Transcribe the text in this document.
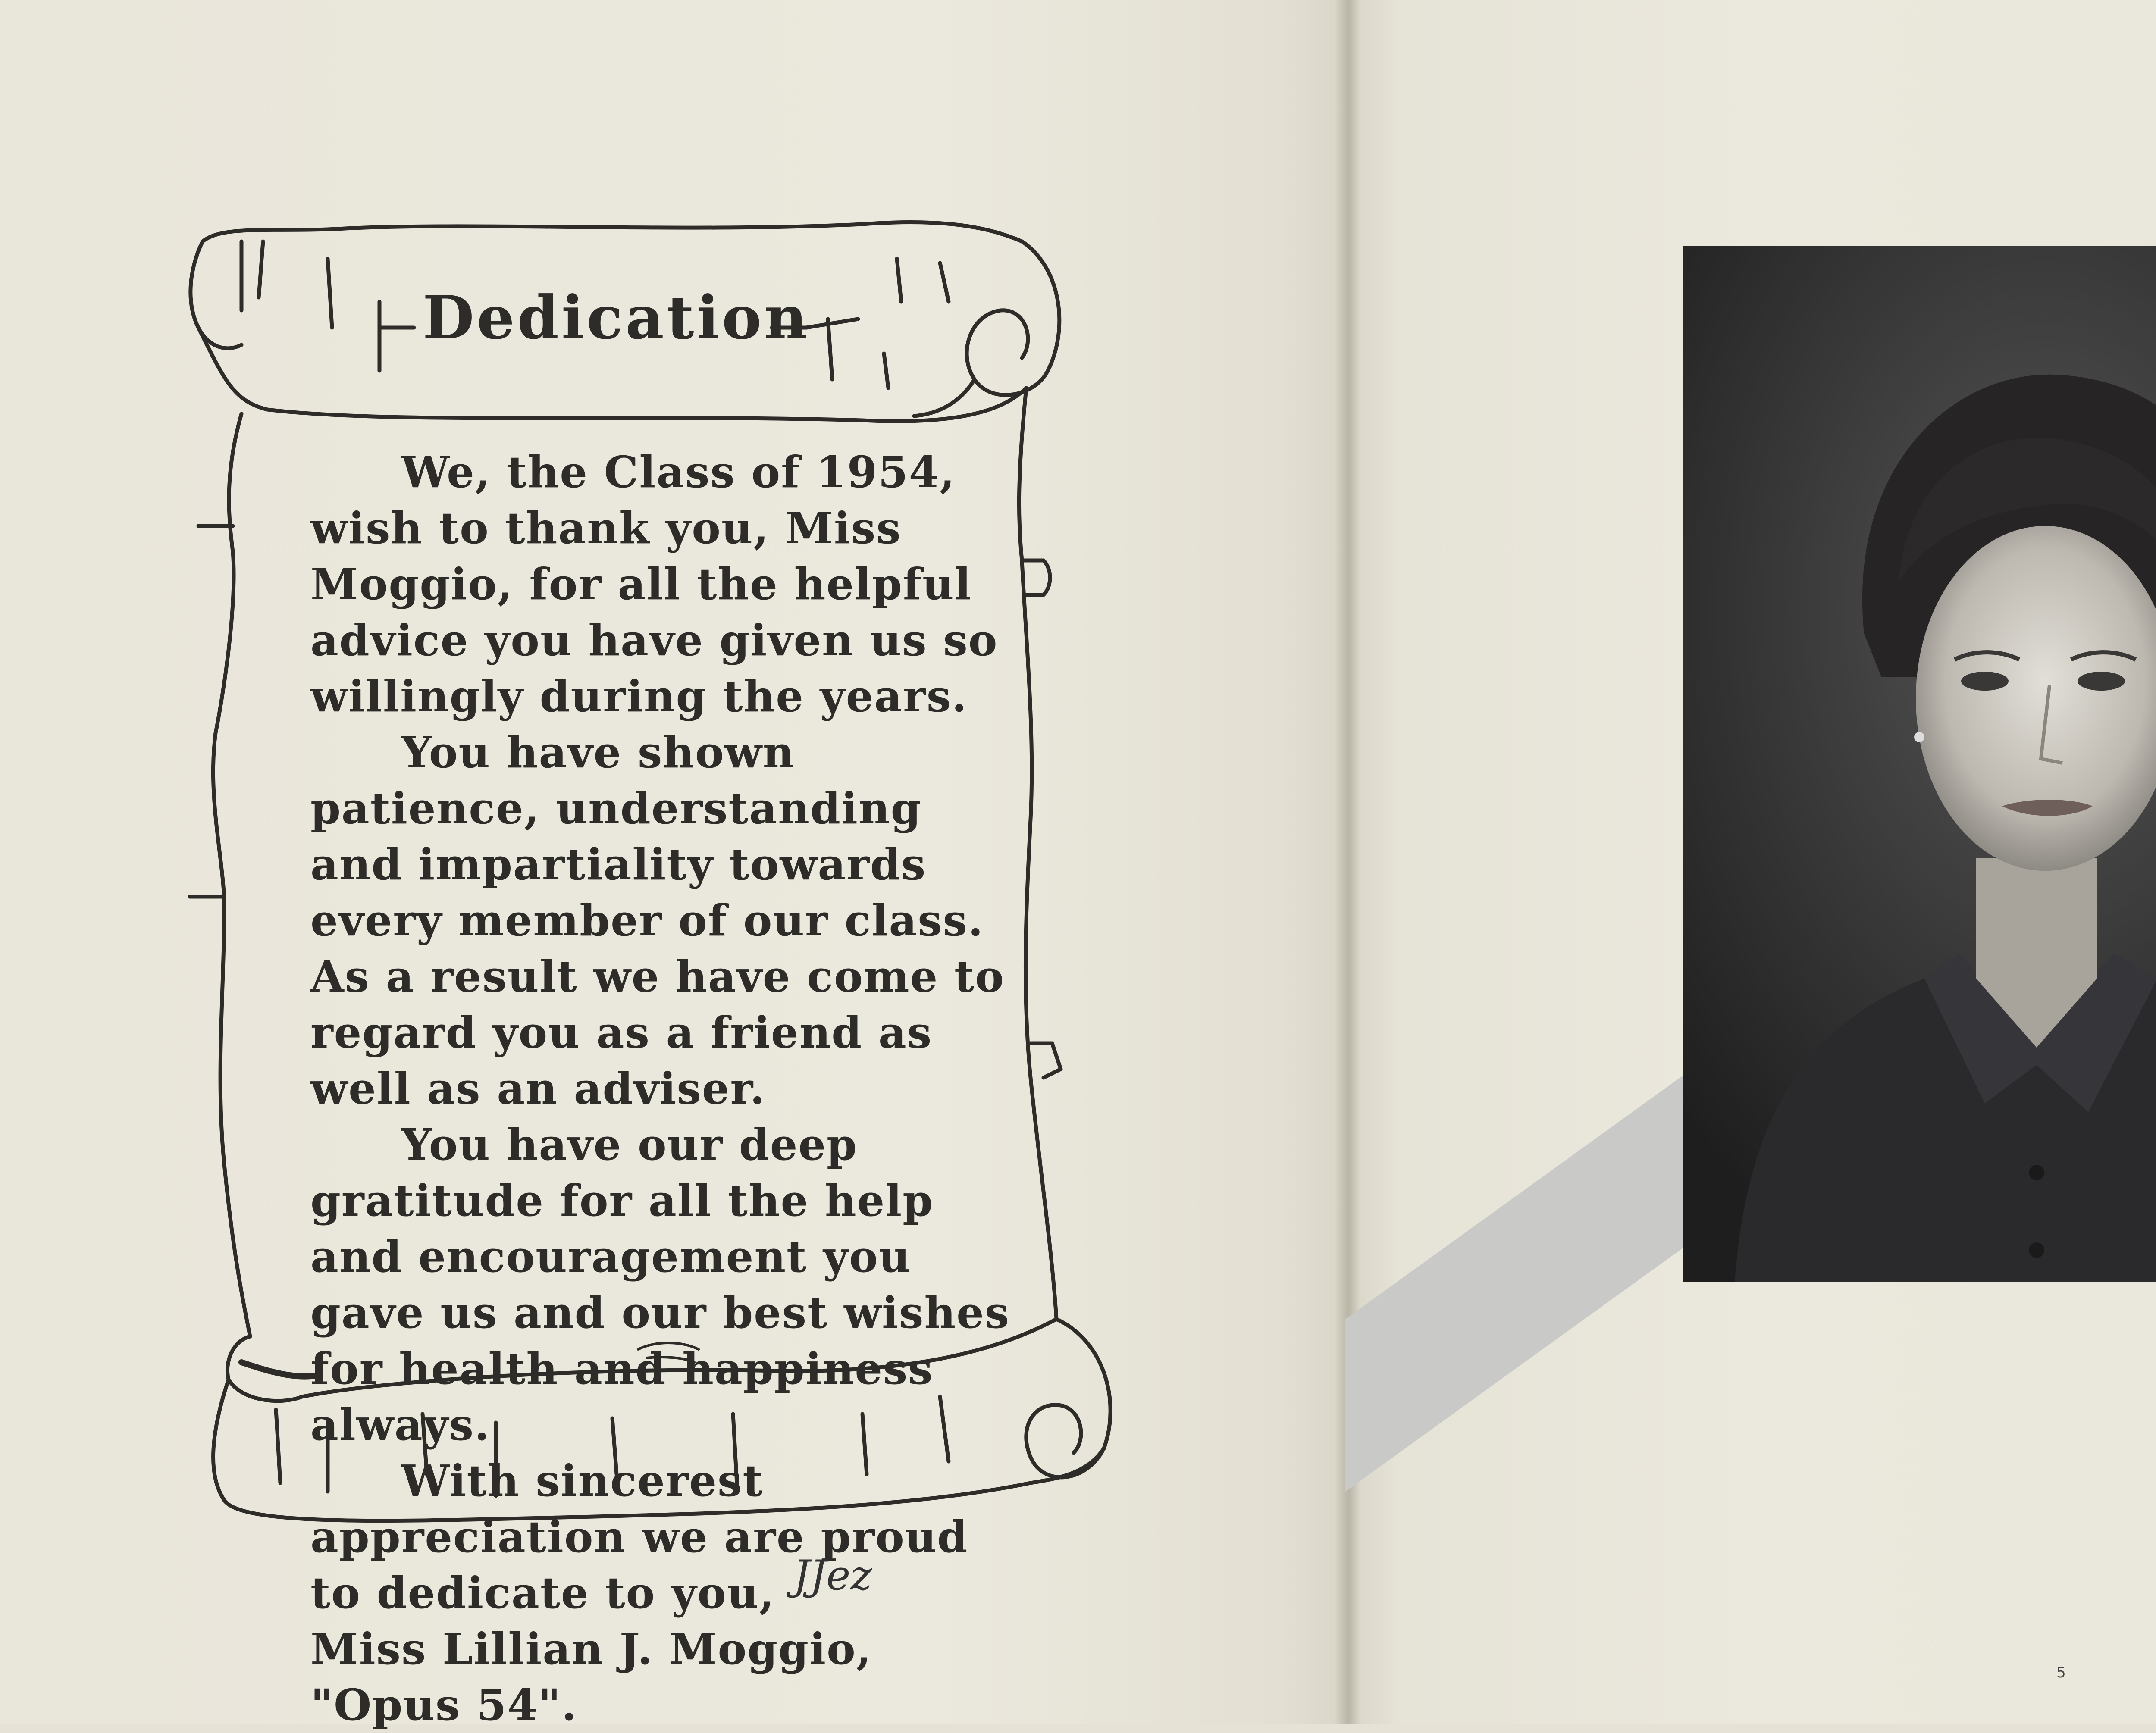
Dedication

We, the Class of 1954, wish to thank you, Miss Moggio, for all the helpful advice you have given us so willingly during the years.

You have shown patience, understanding and impartiality towards every member of our class. As a result we have come to regard you as a friend as well as an adviser.

You have our deep gratitude for all the help and encouragement you gave us and our best wishes for health and happiness always.

With sincerest appreciation we are proud to dedicate to you,

Miss Lillian J. Moggio, "Opus 54".

JJez
5
